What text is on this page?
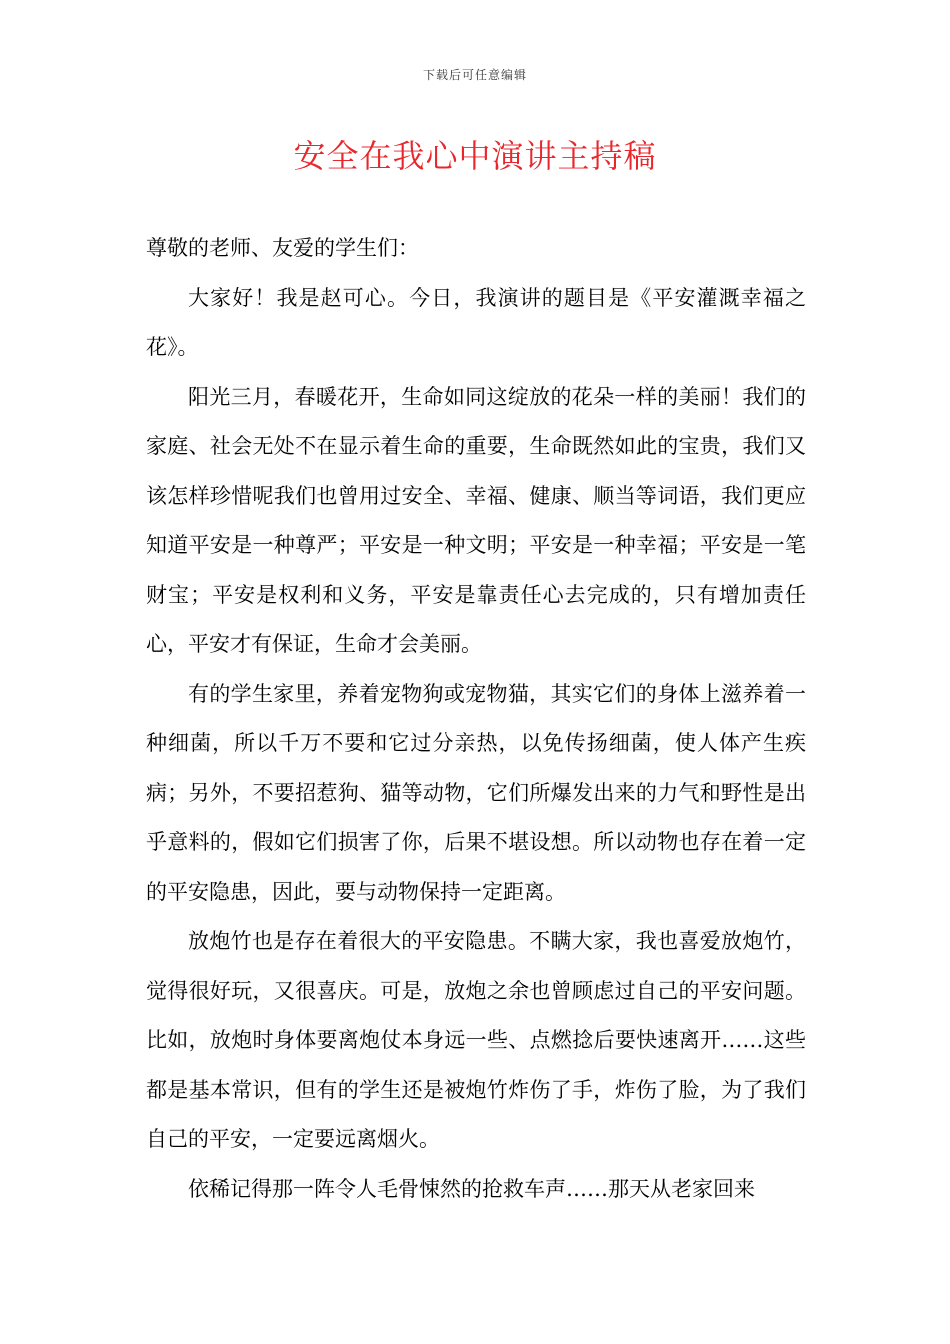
下载后可任意编辑
安全在我心中演讲主持稿

尊敬的老师、友爱的学生们：

大家好！我是赵可心。今日，我演讲的题目是《平安灌溉幸福之花》。

阳光三月，春暖花开，生命如同这绽放的花朵一样的美丽！我们的家庭、社会无处不在显示着生命的重要，生命既然如此的宝贵，我们又该怎样珍惜呢我们也曾用过安全、幸福、健康、顺当等词语，我们更应知道平安是一种尊严；平安是一种文明；平安是一种幸福；平安是一笔财宝；平安是权利和义务，平安是靠责任心去完成的，只有增加责任心，平安才有保证，生命才会美丽。

有的学生家里，养着宠物狗或宠物猫，其实它们的身体上滋养着一种细菌，所以千万不要和它过分亲热，以免传扬细菌，使人体产生疾病；另外，不要招惹狗、猫等动物，它们所爆发出来的力气和野性是出乎意料的，假如它们损害了你，后果不堪设想。所以动物也存在着一定的平安隐患，因此，要与动物保持一定距离。

放炮竹也是存在着很大的平安隐患。不瞒大家，我也喜爱放炮竹，觉得很好玩，又很喜庆。可是，放炮之余也曾顾虑过自己的平安问题。比如，放炮时身体要离炮仗本身远一些、点燃捻后要快速离开……这些都是基本常识，但有的学生还是被炮竹炸伤了手，炸伤了脸，为了我们自己的平安，一定要远离烟火。

依稀记得那一阵令人毛骨悚然的抢救车声……那天从老家回来
